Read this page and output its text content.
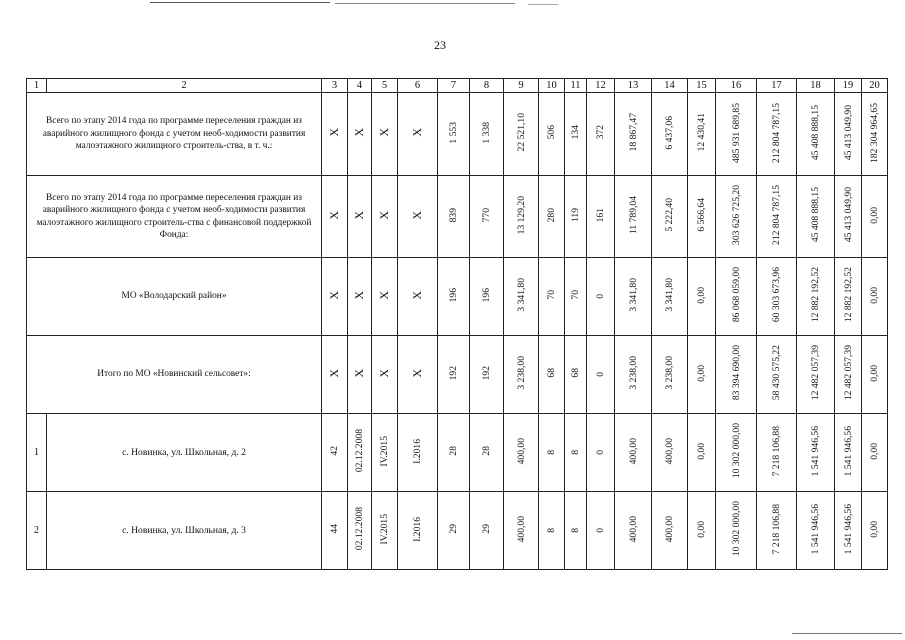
23
1	2	3	4	5	6	7	8	9	10	11	12	13	14	15	16	17	18	19	20
Всего по этапу 2014 года по программе переселения граждан из аварийного жилищного фонда с учетом необ-ходимости развития малоэтажного жилищного строитель-ства, в т. ч.:		X	X	X	X	1 553	1 338	22 521,10	506	134	372	18 867,47	6 437,06	12 430,41	485 931 689,85	212 804 787,15	45 408 888,15	45 413 049,90	182 304 964,65
Всего по этапу 2014 года по программе переселения граждан из аварийного жилищного фонда с учетом необ-ходимости развития малоэтажного жилищного строитель-ства с финансовой поддержкой Фонда:		X	X	X	X	839	770	13 129,20	280	119	161	11 789,04	5 222,40	6 566,64	303 626 725,20	212 804 787,15	45 408 888,15	45 413 049,90	0,00
МО «Володарский район»		X	X	X	X	196	196	3 341,80	70	70	0	3 341,80	3 341,80	0,00	86 068 059,00	60 303 673,96	12 882 192,52	12 882 192,52	0,00
Итого по МО «Новинский сельсовет»:		X	X	X	X	192	192	3 238,00	68	68	0	3 238,00	3 238,00	0,00	83 394 690,00	58 430 575,22	12 482 057,39	12 482 057,39	0,00
1	с. Новинка, ул. Школьная, д. 2	42	02.12.2008	IV.2015	I.2016	28	28	400,00	8	8	0	400,00	400,00	0,00	10 302 000,00	7 218 106,88	1 541 946,56	1 541 946,56	0,00
2	с. Новинка, ул. Школьная, д. 3	44	02.12.2008	IV.2015	I.2016	29	29	400,00	8	8	0	400,00	400,00	0,00	10 302 000,00	7 218 106,88	1 541 946,56	1 541 946,56	0,00
